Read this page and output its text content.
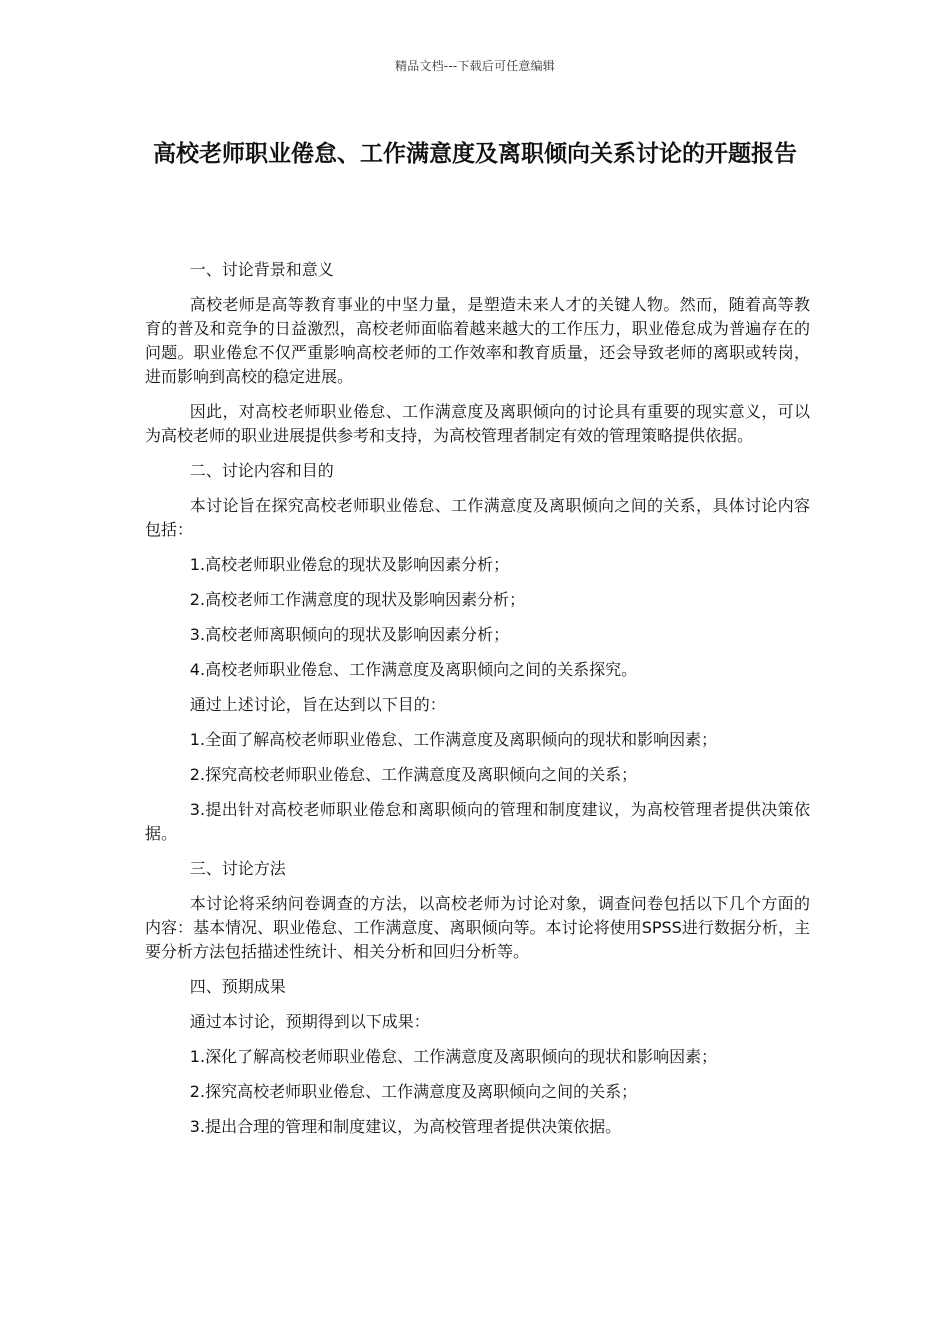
精品文档---下载后可任意编辑
高校老师职业倦怠、工作满意度及离职倾向关系讨论的开题报告

一、讨论背景和意义

高校老师是高等教育事业的中坚力量，是塑造未来人才的关键人物。然而，随着高等教育的普及和竞争的日益激烈，高校老师面临着越来越大的工作压力，职业倦怠成为普遍存在的问题。职业倦怠不仅严重影响高校老师的工作效率和教育质量，还会导致老师的离职或转岗，进而影响到高校的稳定进展。

因此，对高校老师职业倦怠、工作满意度及离职倾向的讨论具有重要的现实意义，可以为高校老师的职业进展提供参考和支持，为高校管理者制定有效的管理策略提供依据。

二、讨论内容和目的

本讨论旨在探究高校老师职业倦怠、工作满意度及离职倾向之间的关系，具体讨论内容包括：

1.高校老师职业倦怠的现状及影响因素分析；

2.高校老师工作满意度的现状及影响因素分析；

3.高校老师离职倾向的现状及影响因素分析；

4.高校老师职业倦怠、工作满意度及离职倾向之间的关系探究。

通过上述讨论，旨在达到以下目的：

1.全面了解高校老师职业倦怠、工作满意度及离职倾向的现状和影响因素；

2.探究高校老师职业倦怠、工作满意度及离职倾向之间的关系；

3.提出针对高校老师职业倦怠和离职倾向的管理和制度建议，为高校管理者提供决策依据。

三、讨论方法

本讨论将采纳问卷调查的方法，以高校老师为讨论对象，调查问卷包括以下几个方面的内容：基本情况、职业倦怠、工作满意度、离职倾向等。本讨论将使用SPSS进行数据分析，主要分析方法包括描述性统计、相关分析和回归分析等。

四、预期成果

通过本讨论，预期得到以下成果：

1.深化了解高校老师职业倦怠、工作满意度及离职倾向的现状和影响因素；

2.探究高校老师职业倦怠、工作满意度及离职倾向之间的关系；

3.提出合理的管理和制度建议，为高校管理者提供决策依据。
